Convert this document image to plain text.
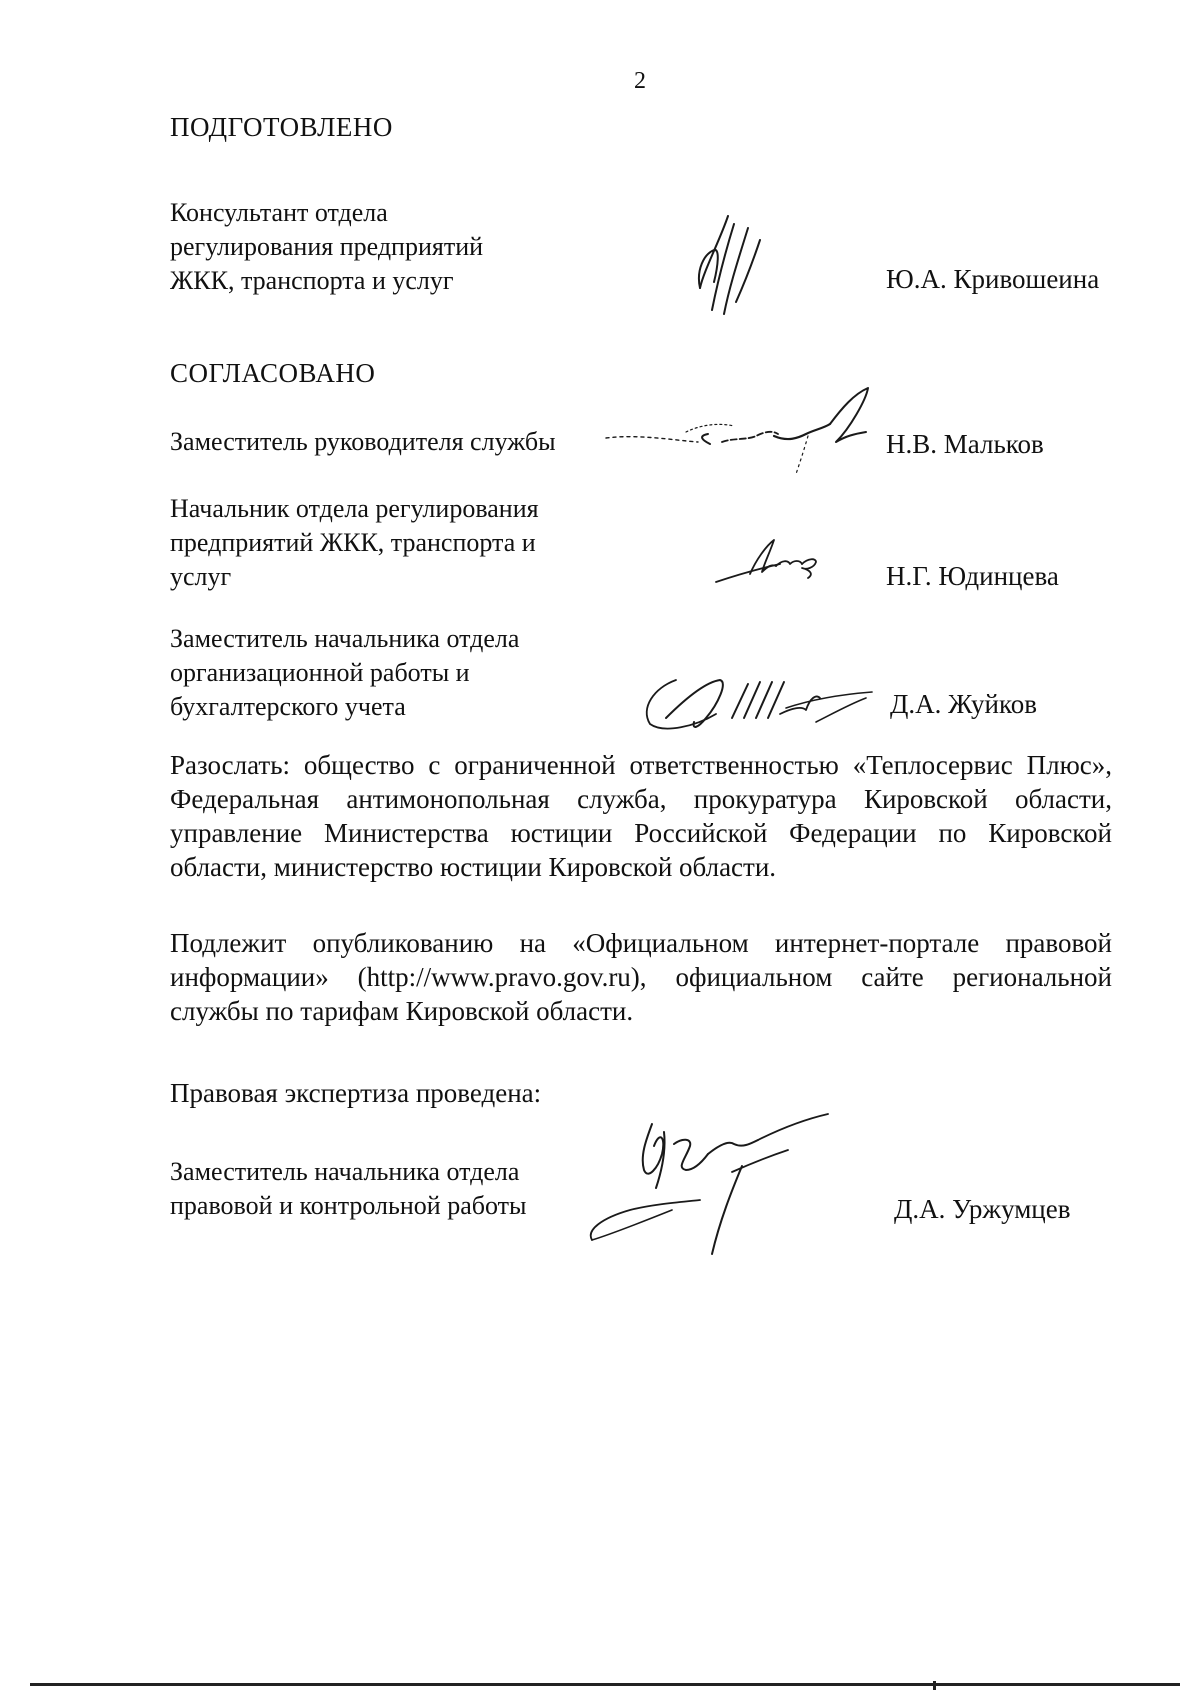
2
ПОДГОТОВЛЕНО
Консультант отдела
регулирования предприятий
ЖКК, транспорта и услуг	Ю.А. Кривошеина
СОГЛАСОВАНО
Заместитель руководителя службы	Н.В. Мальков
Начальник отдела регулирования
предприятий ЖКК, транспорта и
услуг	Н.Г. Юдинцева
Заместитель начальника отдела
организационной работы и
бухгалтерского учета	Д.А. Жуйков
Разослать: общество с ограниченной ответственностью «Теплосервис Плюс»,
Федеральная антимонопольная служба, прокуратура Кировской области,
управление Министерства юстиции Российской Федерации по Кировской
области, министерство юстиции Кировской области.
Подлежит опубликованию на «Официальном интернет-портале правовой
информации» (http://www.pravo.gov.ru), официальном сайте региональной
службы по тарифам Кировской области.
Правовая экспертиза проведена:
Заместитель начальника отдела
правовой и контрольной работы	Д.А. Уржумцев
